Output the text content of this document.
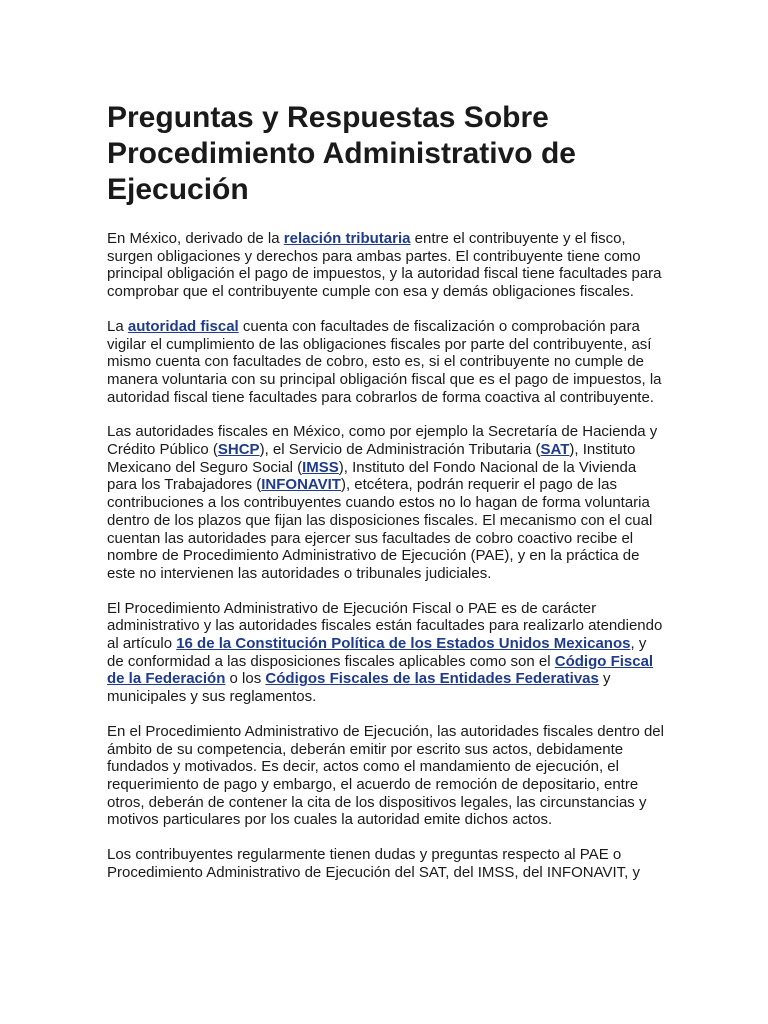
Preguntas y Respuestas Sobre Procedimiento Administrativo de Ejecución

En México, derivado de la relación tributaria entre el contribuyente y el fisco, surgen obligaciones y derechos para ambas partes. El contribuyente tiene como principal obligación el pago de impuestos, y la autoridad fiscal tiene facultades para comprobar que el contribuyente cumple con esa y demás obligaciones fiscales.

La autoridad fiscal cuenta con facultades de fiscalización o comprobación para vigilar el cumplimiento de las obligaciones fiscales por parte del contribuyente, así mismo cuenta con facultades de cobro, esto es, si el contribuyente no cumple de manera voluntaria con su principal obligación fiscal que es el pago de impuestos, la autoridad fiscal tiene facultades para cobrarlos de forma coactiva al contribuyente.

Las autoridades fiscales en México, como por ejemplo la Secretaría de Hacienda y Crédito Público (SHCP), el Servicio de Administración Tributaria (SAT), Instituto Mexicano del Seguro Social (IMSS), Instituto del Fondo Nacional de la Vivienda para los Trabajadores (INFONAVIT), etcétera, podrán requerir el pago de las contribuciones a los contribuyentes cuando estos no lo hagan de forma voluntaria dentro de los plazos que fijan las disposiciones fiscales. El mecanismo con el cual cuentan las autoridades para ejercer sus facultades de cobro coactivo recibe el nombre de Procedimiento Administrativo de Ejecución (PAE), y en la práctica de este no intervienen las autoridades o tribunales judiciales.

El Procedimiento Administrativo de Ejecución Fiscal o PAE es de carácter administrativo y las autoridades fiscales están facultades para realizarlo atendiendo al artículo 16 de la Constitución Política de los Estados Unidos Mexicanos, y de conformidad a las disposiciones fiscales aplicables como son el Código Fiscal de la Federación o los Códigos Fiscales de las Entidades Federativas y municipales y sus reglamentos.

En el Procedimiento Administrativo de Ejecución, las autoridades fiscales dentro del ámbito de su competencia, deberán emitir por escrito sus actos, debidamente fundados y motivados. Es decir, actos como el mandamiento de ejecución, el requerimiento de pago y embargo, el acuerdo de remoción de depositario, entre otros, deberán de contener la cita de los dispositivos legales, las circunstancias y motivos particulares por los cuales la autoridad emite dichos actos.

Los contribuyentes regularmente tienen dudas y preguntas respecto al PAE o Procedimiento Administrativo de Ejecución del SAT, del IMSS, del INFONAVIT, y
